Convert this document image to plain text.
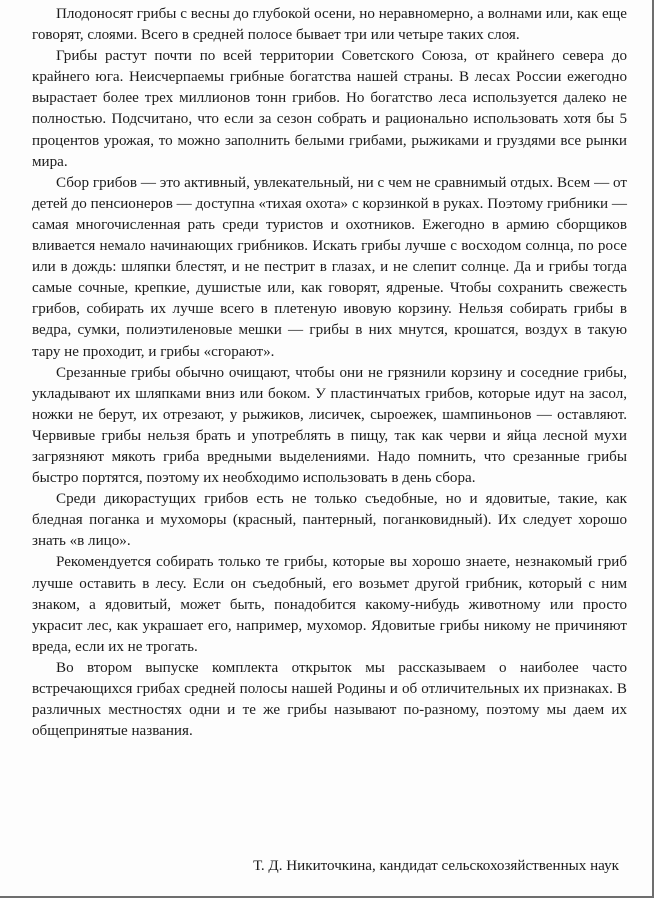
Плодоносят грибы с весны до глубокой осени, но неравномерно, а волнами или, как еще говорят, слоями. Всего в средней полосе бывает три или четыре таких слоя.

Грибы растут почти по всей территории Советского Союза, от крайнего севера до крайнего юга. Неисчерпаемы грибные богатства нашей страны. В лесах России ежегодно вырастает более трех миллионов тонн грибов. Но богатство леса используется далеко не полностью. Подсчитано, что если за сезон собрать и рационально использовать хотя бы 5 процентов урожая, то можно заполнить белыми грибами, рыжиками и груздями все рынки мира.

Сбор грибов — это активный, увлекательный, ни с чем не сравнимый отдых. Всем — от детей до пенсионеров — доступна «тихая охота» с корзинкой в руках. Поэтому грибники — самая многочисленная рать среди туристов и охотников. Ежегодно в армию сборщиков вливается немало начинающих грибников. Искать грибы лучше с восходом солнца, по росе или в дождь: шляпки блестят, и не пестрит в глазах, и не слепит солнце. Да и грибы тогда самые сочные, крепкие, душистые или, как говорят, ядреные. Чтобы сохранить свежесть грибов, собирать их лучше всего в плетеную ивовую корзину. Нельзя собирать грибы в ведра, сумки, полиэтиленовые мешки — грибы в них мнутся, крошатся, воздух в такую тару не проходит, и грибы «сгорают».

Срезанные грибы обычно очищают, чтобы они не грязнили корзину и соседние грибы, укладывают их шляпками вниз или боком. У пластинчатых грибов, которые идут на засол, ножки не берут, их отрезают, у рыжиков, лисичек, сыроежек, шампиньонов — оставляют. Червивые грибы нельзя брать и употреблять в пищу, так как черви и яйца лесной мухи загрязняют мякоть гриба вредными выделениями. Надо помнить, что срезанные грибы быстро портятся, поэтому их необходимо использовать в день сбора.

Среди дикорастущих грибов есть не только съедобные, но и ядовитые, такие, как бледная поганка и мухоморы (красный, пантерный, поганковидный). Их следует хорошо знать «в лицо».

Рекомендуется собирать только те грибы, которые вы хорошо знаете, незнакомый гриб лучше оставить в лесу. Если он съедобный, его возьмет другой грибник, который с ним знаком, а ядовитый, может быть, понадобится какому-нибудь животному или просто украсит лес, как украшает его, например, мухомор. Ядовитые грибы никому не причиняют вреда, если их не трогать.

Во втором выпуске комплекта открыток мы рассказываем о наиболее часто встречающихся грибах средней полосы нашей Родины и об отличительных их признаках. В различных местностях одни и те же грибы называют по-разному, поэтому мы даем их общепринятые названия.

Т. Д. Никиточкина, кандидат сельскохозяйственных наук
